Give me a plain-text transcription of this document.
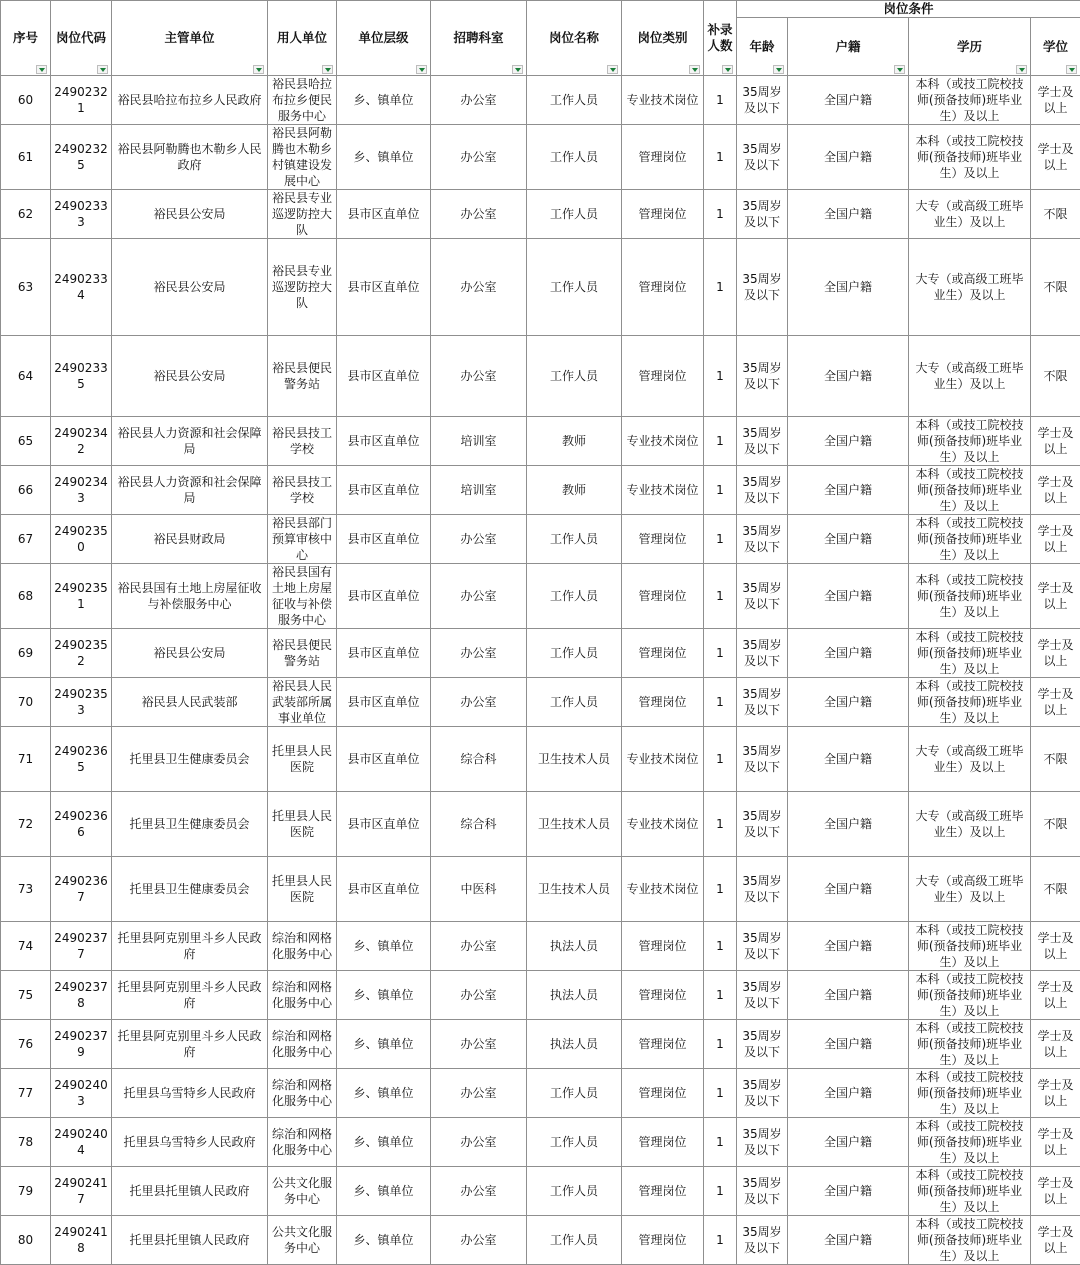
序号	岗位代码	主管单位	用人单位	单位层级	招聘科室	岗位名称	岗位类别	补录人数	岗位条件			
									年龄	户籍	学历	学位

60	24902321	裕民县哈拉布拉乡人民政府	裕民县哈拉布拉乡便民服务中心	乡、镇单位	办公室	工作人员	专业技术岗位	1	35周岁及以下	全国户籍	本科（或技工院校技师(预备技师)班毕业生）及以上	学士及以上
61	24902325	裕民县阿勒腾也木勒乡人民政府	裕民县阿勒腾也木勒乡村镇建设发展中心	乡、镇单位	办公室	工作人员	管理岗位	1	35周岁及以下	全国户籍	本科（或技工院校技师(预备技师)班毕业生）及以上	学士及以上
62	24902333	裕民县公安局	裕民县专业巡逻防控大队	县市区直单位	办公室	工作人员	管理岗位	1	35周岁及以下	全国户籍	大专（或高级工班毕业生）及以上	不限
63	24902334	裕民县公安局	裕民县专业巡逻防控大队	县市区直单位	办公室	工作人员	管理岗位	1	35周岁及以下	全国户籍	大专（或高级工班毕业生）及以上	不限
64	24902335	裕民县公安局	裕民县便民警务站	县市区直单位	办公室	工作人员	管理岗位	1	35周岁及以下	全国户籍	大专（或高级工班毕业生）及以上	不限
65	24902342	裕民县人力资源和社会保障局	裕民县技工学校	县市区直单位	培训室	教师	专业技术岗位	1	35周岁及以下	全国户籍	本科（或技工院校技师(预备技师)班毕业生）及以上	学士及以上
66	24902343	裕民县人力资源和社会保障局	裕民县技工学校	县市区直单位	培训室	教师	专业技术岗位	1	35周岁及以下	全国户籍	本科（或技工院校技师(预备技师)班毕业生）及以上	学士及以上
67	24902350	裕民县财政局	裕民县部门预算审核中心	县市区直单位	办公室	工作人员	管理岗位	1	35周岁及以下	全国户籍	本科（或技工院校技师(预备技师)班毕业生）及以上	学士及以上
68	24902351	裕民县国有土地上房屋征收与补偿服务中心	裕民县国有土地上房屋征收与补偿服务中心	县市区直单位	办公室	工作人员	管理岗位	1	35周岁及以下	全国户籍	本科（或技工院校技师(预备技师)班毕业生）及以上	学士及以上
69	24902352	裕民县公安局	裕民县便民警务站	县市区直单位	办公室	工作人员	管理岗位	1	35周岁及以下	全国户籍	本科（或技工院校技师(预备技师)班毕业生）及以上	学士及以上
70	24902353	裕民县人民武装部	裕民县人民武装部所属事业单位	县市区直单位	办公室	工作人员	管理岗位	1	35周岁及以下	全国户籍	本科（或技工院校技师(预备技师)班毕业生）及以上	学士及以上
71	24902365	托里县卫生健康委员会	托里县人民医院	县市区直单位	综合科	卫生技术人员	专业技术岗位	1	35周岁及以下	全国户籍	大专（或高级工班毕业生）及以上	不限
72	24902366	托里县卫生健康委员会	托里县人民医院	县市区直单位	综合科	卫生技术人员	专业技术岗位	1	35周岁及以下	全国户籍	大专（或高级工班毕业生）及以上	不限
73	24902367	托里县卫生健康委员会	托里县人民医院	县市区直单位	中医科	卫生技术人员	专业技术岗位	1	35周岁及以下	全国户籍	大专（或高级工班毕业生）及以上	不限
74	24902377	托里县阿克别里斗乡人民政府	综治和网格化服务中心	乡、镇单位	办公室	执法人员	管理岗位	1	35周岁及以下	全国户籍	本科（或技工院校技师(预备技师)班毕业生）及以上	学士及以上
75	24902378	托里县阿克别里斗乡人民政府	综治和网格化服务中心	乡、镇单位	办公室	执法人员	管理岗位	1	35周岁及以下	全国户籍	本科（或技工院校技师(预备技师)班毕业生）及以上	学士及以上
76	24902379	托里县阿克别里斗乡人民政府	综治和网格化服务中心	乡、镇单位	办公室	执法人员	管理岗位	1	35周岁及以下	全国户籍	本科（或技工院校技师(预备技师)班毕业生）及以上	学士及以上
77	24902403	托里县乌雪特乡人民政府	综治和网格化服务中心	乡、镇单位	办公室	工作人员	管理岗位	1	35周岁及以下	全国户籍	本科（或技工院校技师(预备技师)班毕业生）及以上	学士及以上
78	24902404	托里县乌雪特乡人民政府	综治和网格化服务中心	乡、镇单位	办公室	工作人员	管理岗位	1	35周岁及以下	全国户籍	本科（或技工院校技师(预备技师)班毕业生）及以上	学士及以上
79	24902417	托里县托里镇人民政府	公共文化服务中心	乡、镇单位	办公室	工作人员	管理岗位	1	35周岁及以下	全国户籍	本科（或技工院校技师(预备技师)班毕业生）及以上	学士及以上
80	24902418	托里县托里镇人民政府	公共文化服务中心	乡、镇单位	办公室	工作人员	管理岗位	1	35周岁及以下	全国户籍	本科（或技工院校技师(预备技师)班毕业生）及以上	学士及以上
